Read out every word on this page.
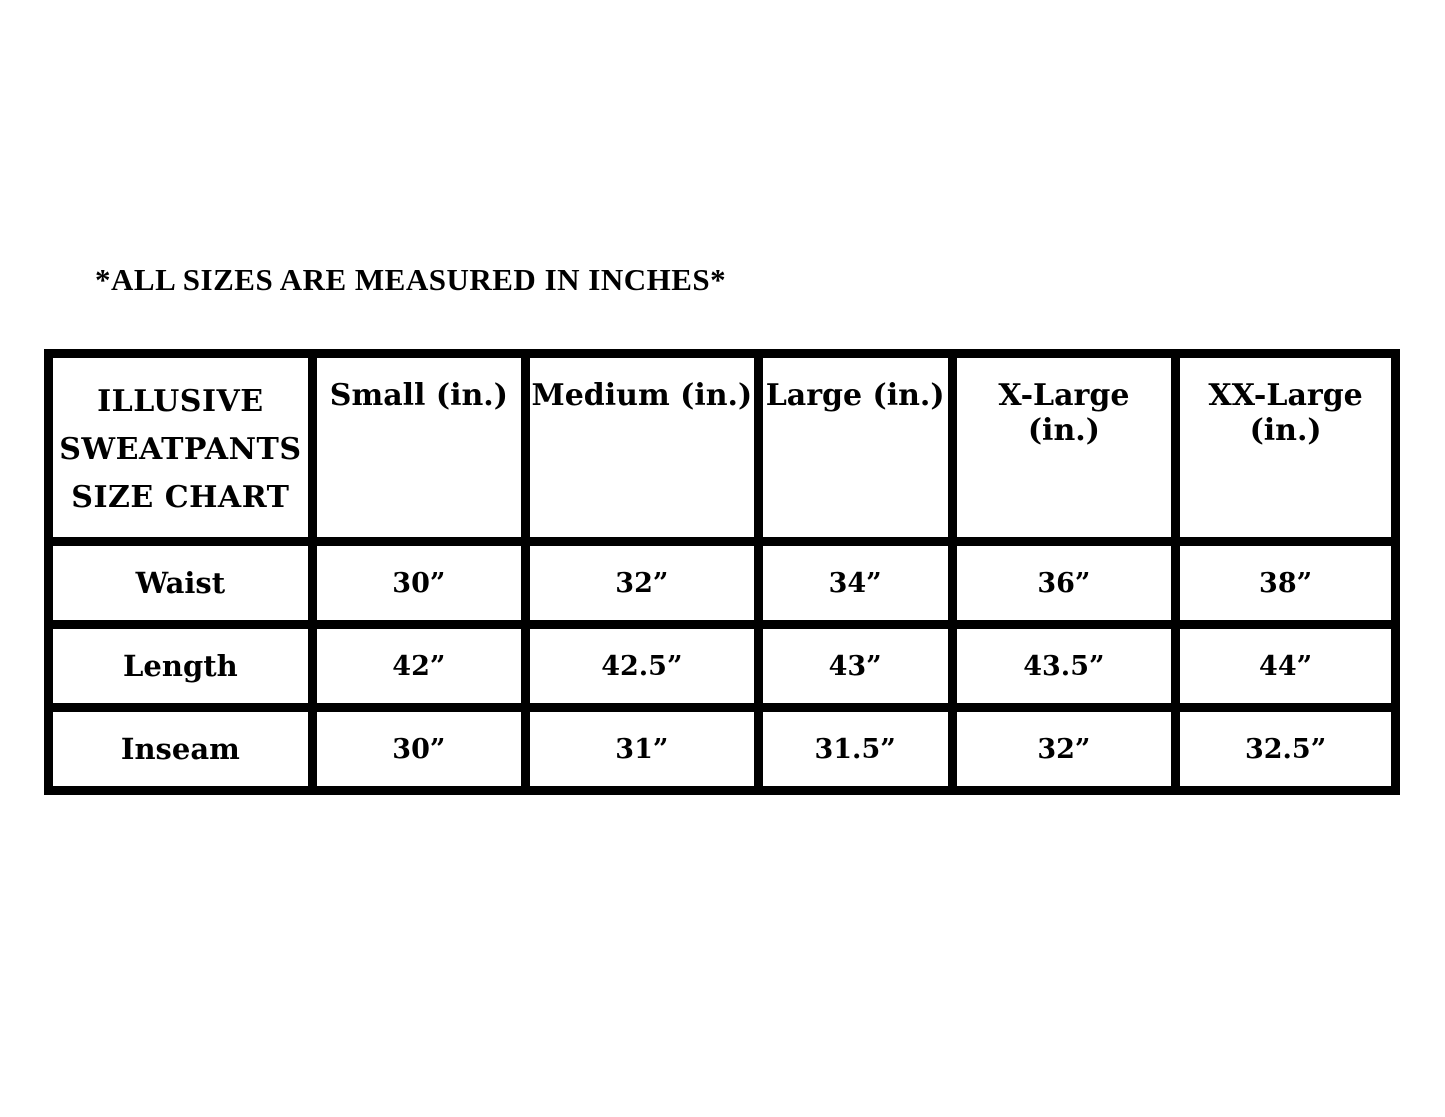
*ALL SIZES ARE MEASURED IN INCHES*
ILLUSIVE
SWEATPANTS
SIZE CHART	Small (in.)	Medium (in.)	Large (in.)	X-Large (in.)	XX-Large (in.)
Waist	30”	32”	34”	36”	38”
Length	42”	42.5”	43”	43.5”	44”
Inseam	30”	31”	31.5”	32”	32.5”
